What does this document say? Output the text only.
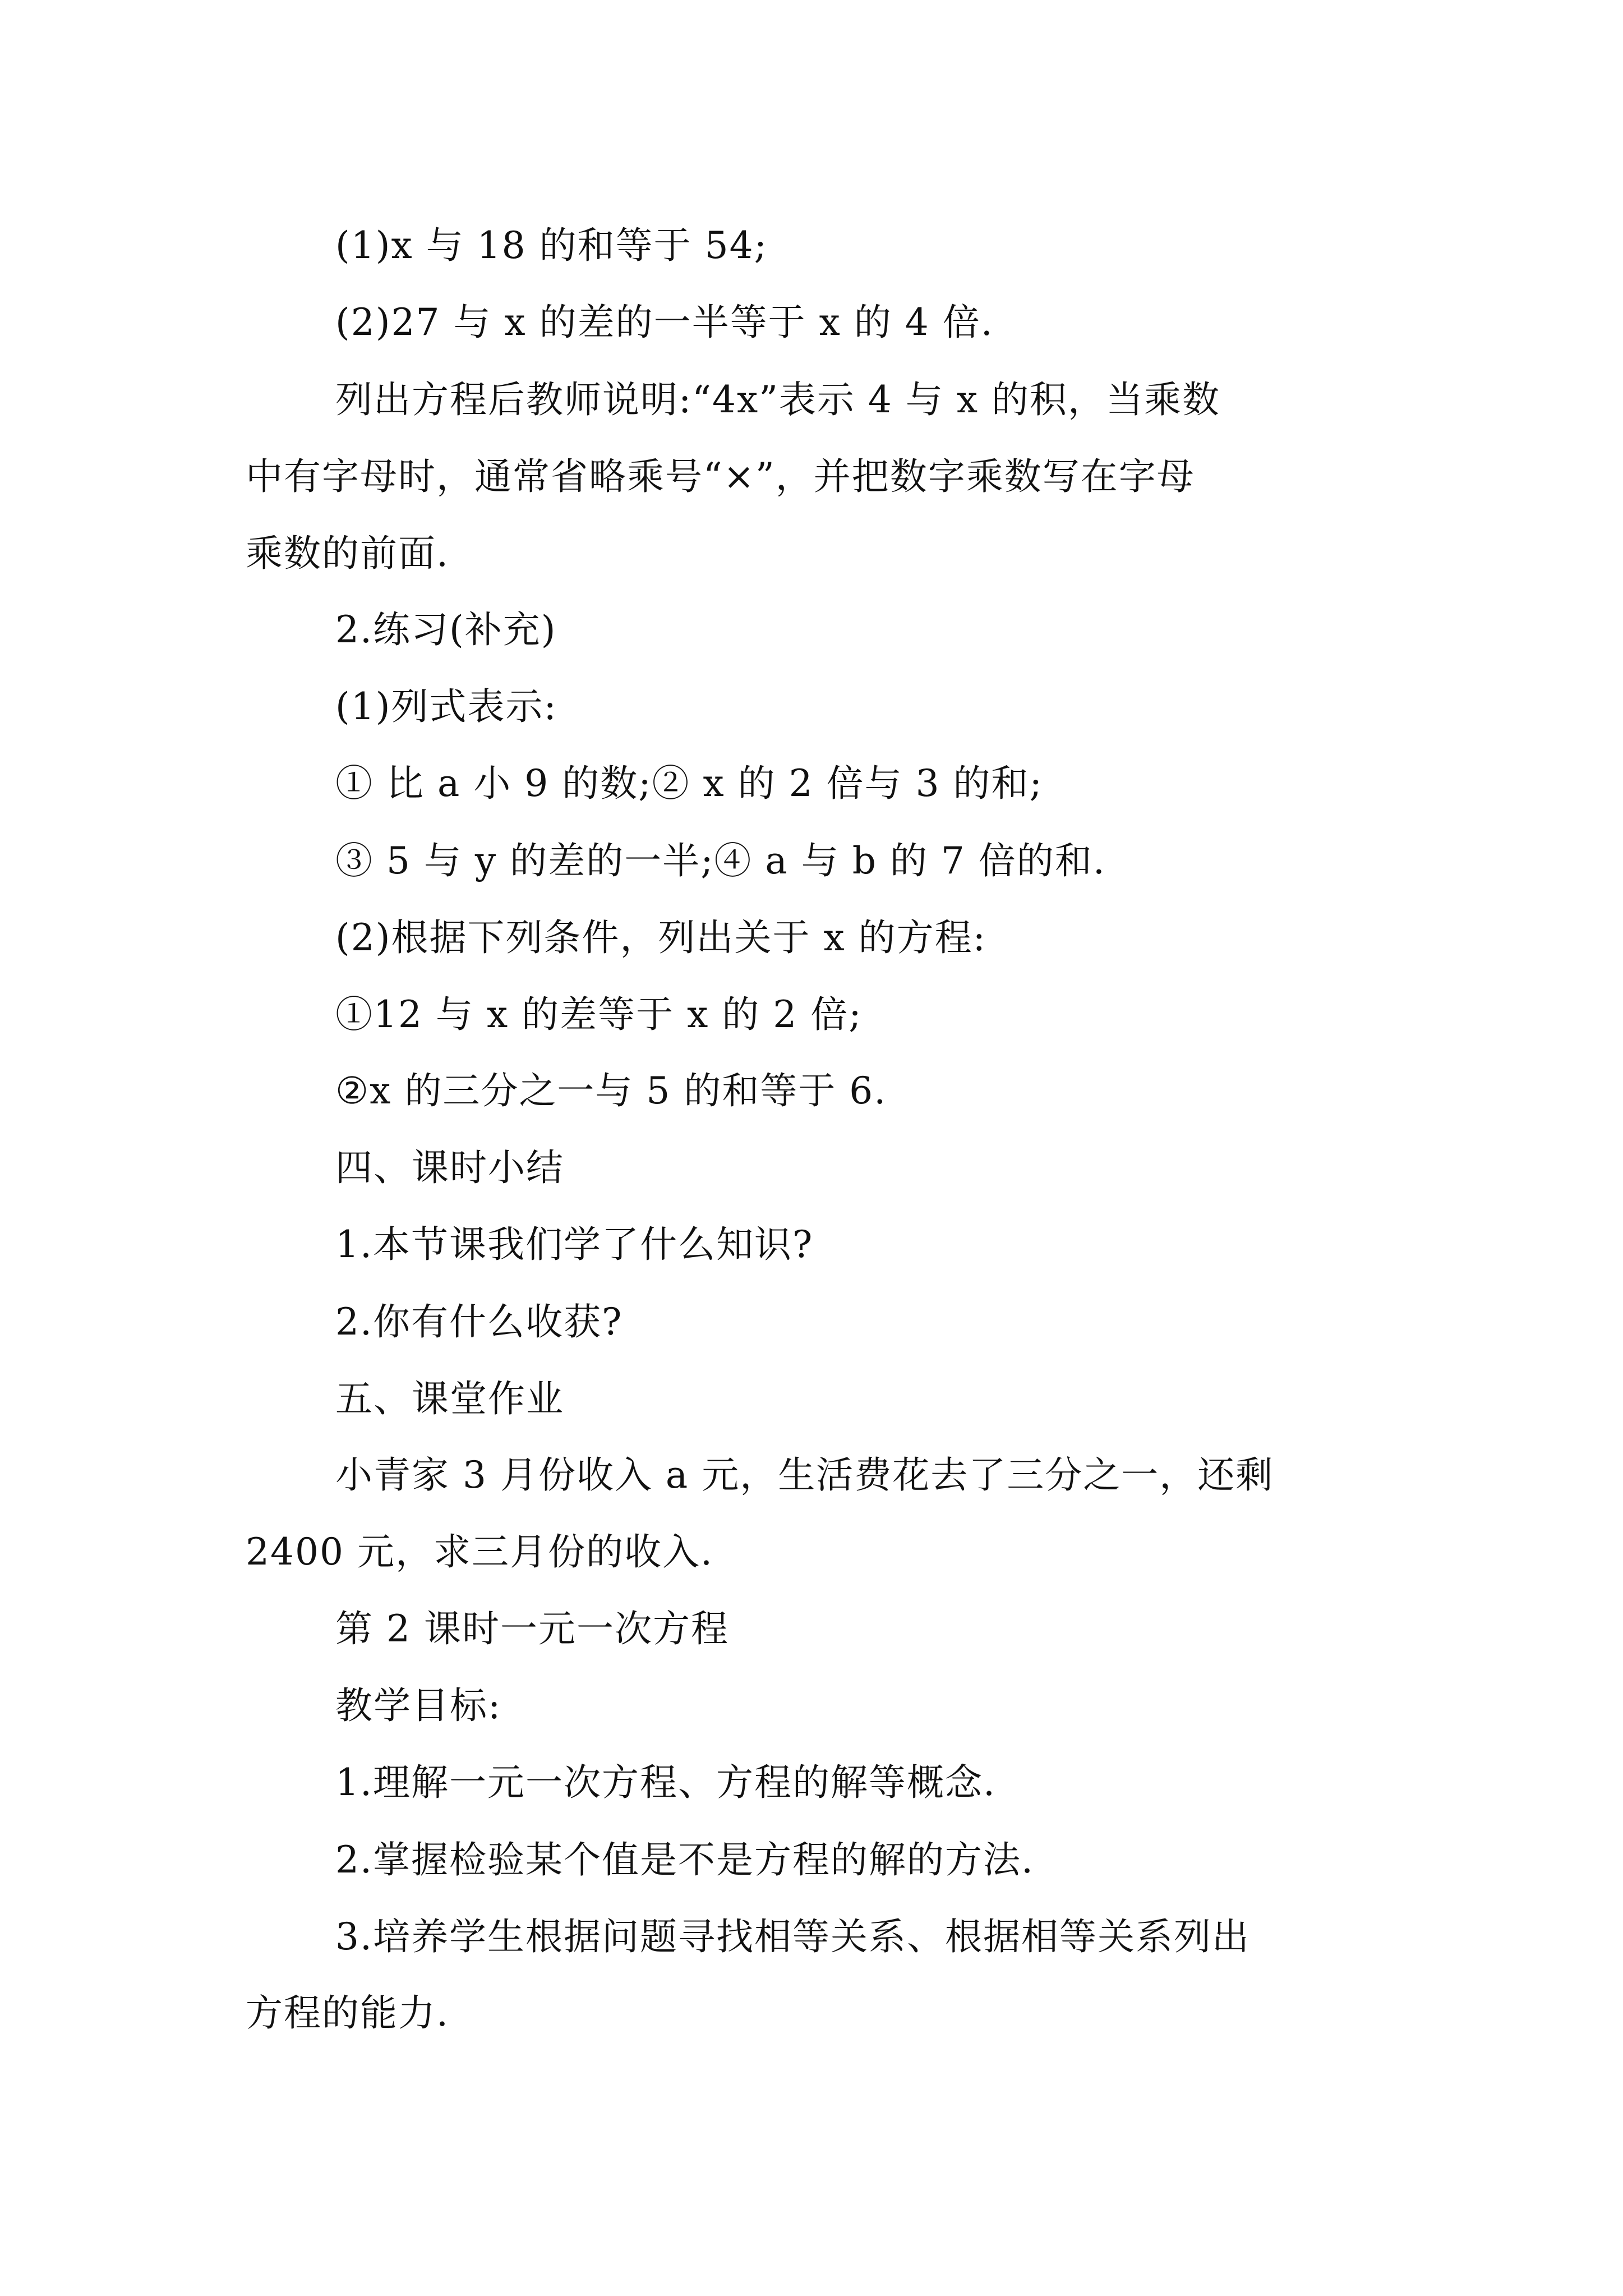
(1)x 与 18 的和等于 54;
(2)27 与 x 的差的一半等于 x 的 4 倍.
列出方程后教师说明:“4x”表示 4 与 x 的积，当乘数
中有字母时，通常省略乘号“×”，并把数字乘数写在字母
乘数的前面.
2.练习(补充)
(1)列式表示:
① 比 a 小 9 的数;② x 的 2 倍与 3 的和;
③ 5 与 y 的差的一半;④ a 与 b 的 7 倍的和.
(2)根据下列条件，列出关于 x 的方程:
①12 与 x 的差等于 x 的 2 倍;
②x 的三分之一与 5 的和等于 6.
四、课时小结
1.本节课我们学了什么知识?
2.你有什么收获?
五、课堂作业
小青家 3 月份收入 a 元，生活费花去了三分之一，还剩
2400 元，求三月份的收入.
第 2 课时一元一次方程
教学目标:
1.理解一元一次方程、方程的解等概念.
2.掌握检验某个值是不是方程的解的方法.
3.培养学生根据问题寻找相等关系、根据相等关系列出
方程的能力.
